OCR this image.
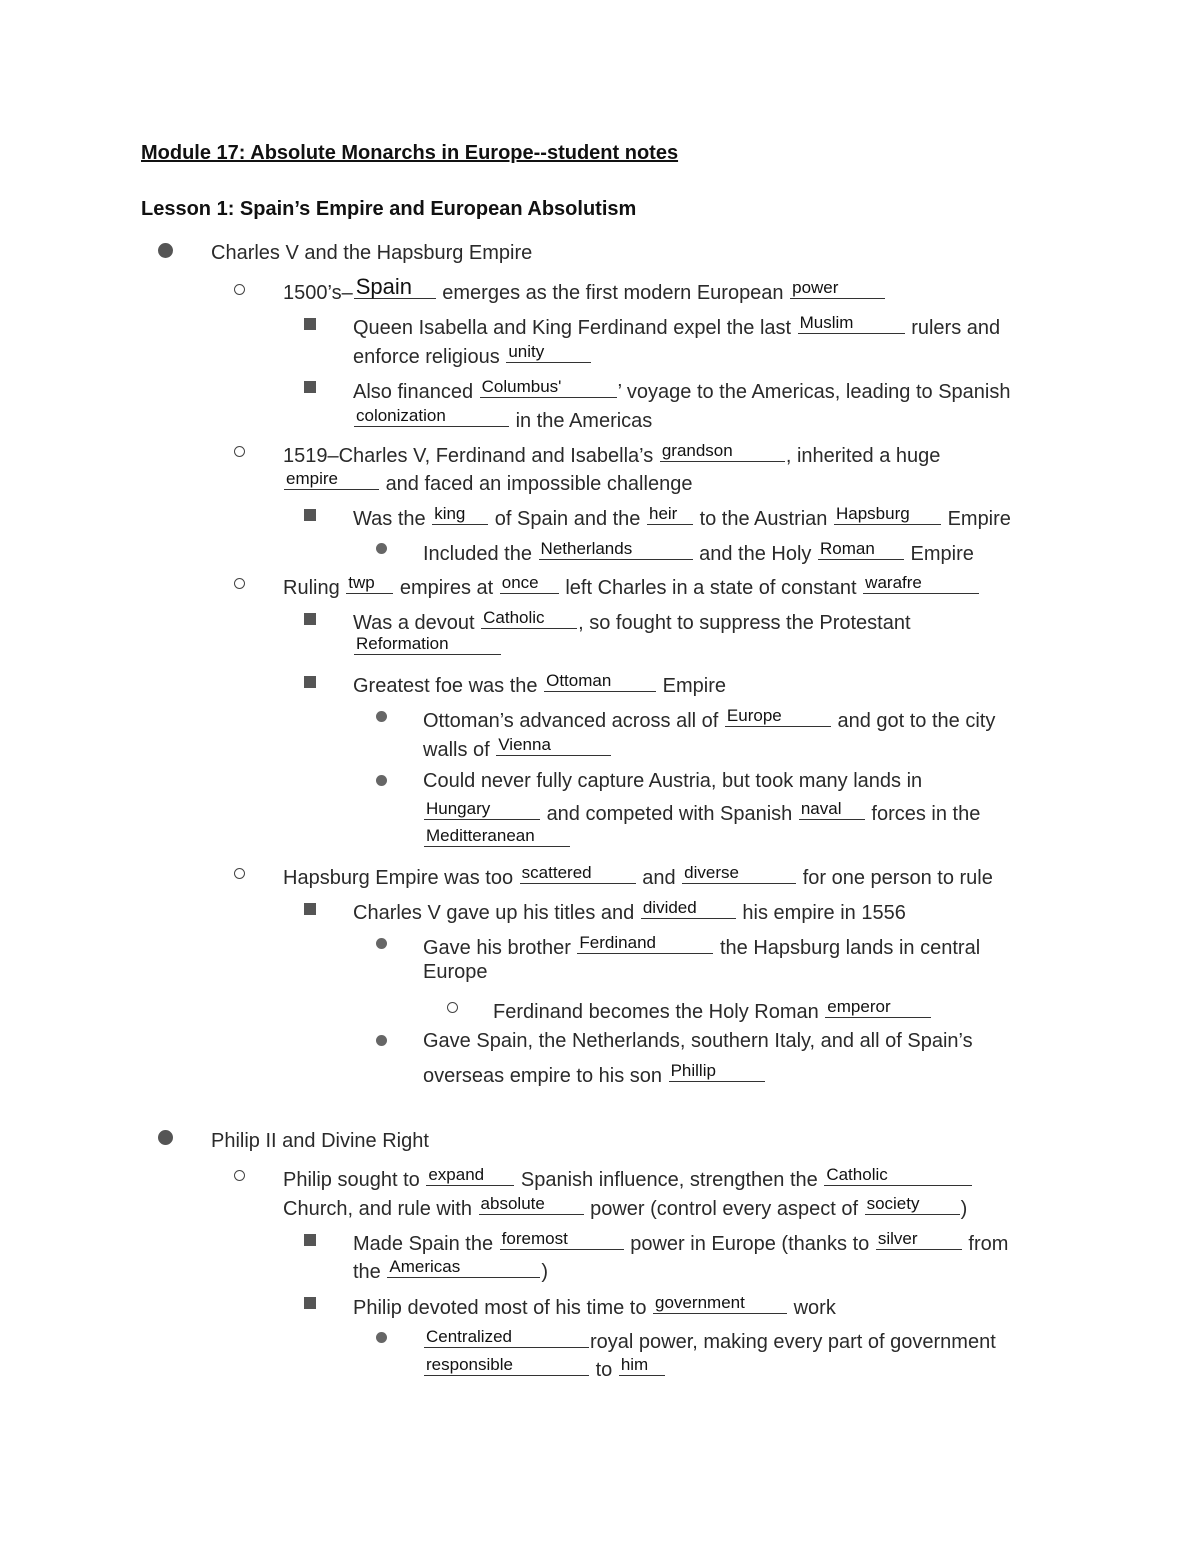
Module 17: Absolute Monarchs in Europe--student notes
Lesson 1: Spain’s Empire and European Absolutism
Charles V and the Hapsburg Empire
1500’s– Spain emerges as the first modern European power
Queen Isabella and King Ferdinand expel the last Muslim	rulers and
enforce religious unity
Also financed Columbus'	’ voyage to the Americas, leading to Spanish
colonization	in the Americas
1519–Charles V, Ferdinand and Isabella’s grandson	, inherited a huge
empire and faced an impossible challenge
Was the king of Spain and the heir to the Austrian Hapsburg Empire
Included the Netherlands	and the Holy Roman Empire
Ruling twp empires at once left Charles in a state of constant warafre
Was a devout Catholic , so fought to suppress the Protestant
Reformation
Greatest foe was the Ottoman	Empire
Ottoman’s advanced across all of Europe	and got to the city
walls of Vienna
Could never fully capture Austria, but took many lands in
Hungary	and competed with Spanish naval forces in the
Meditteranean
Hapsburg Empire was too scattered	and diverse	for one person to rule
Charles V gave up his titles and divided his empire in 1556
Gave his brother Ferdinand	the Hapsburg lands in central
Europe
Ferdinand becomes the Holy Roman emperor
Gave Spain, the Netherlands, southern Italy, and all of Spain’s
overseas empire to his son Phillip
Philip II and Divine Right
Philip sought to expand Spanish influence, strengthen the Catholic
Church, and rule with absolute power (control every aspect of society )
Made Spain the foremost	power in Europe (thanks to silver	from
the Americas	)
Philip devoted most of his time to government work
Centralized	royal power, making every part of government
responsible	to him
